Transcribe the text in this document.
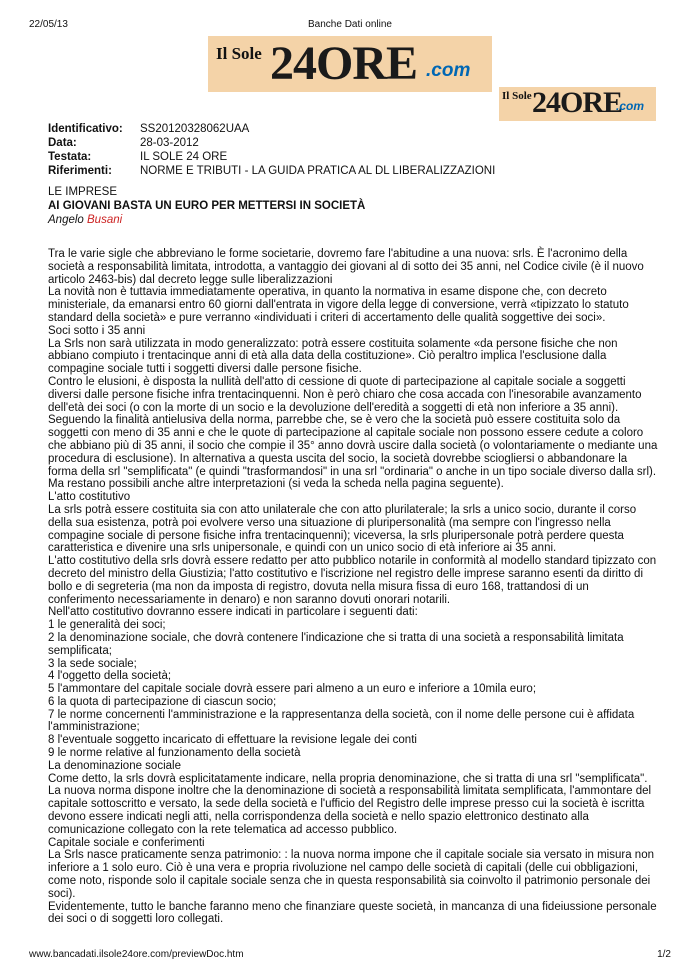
22/05/13	Banche Dati online
Il Sole 24ORE .com
Il Sole 24ORE
.com
Identificativo: SS20120328062UAA
Data:	28-03-2012
Testata:	IL SOLE 24 ORE
Riferimenti: NORME E TRIBUTI - LA GUIDA PRATICA AL DL LIBERALIZZAZIONI
LE IMPRESE
AI GIOVANI BASTA UN EURO PER METTERSI IN SOCIETÀ
Angelo Busani

Tra le varie sigle che abbreviano le forme societarie, dovremo fare l'abitudine a una nuova: srls. È l'acronimo della società a responsabilità limitata, introdotta, a vantaggio dei giovani al di sotto dei 35 anni, nel Codice civile (è il nuovo articolo 2463-bis) dal decreto legge sulle liberalizzazioni

La novità non è tuttavia immediatamente operativa, in quanto la normativa in esame dispone che, con decreto ministeriale, da emanarsi entro 60 giorni dall'entrata in vigore della legge di conversione, verrà «tipizzato lo statuto standard della società» e pure verranno «individuati i criteri di accertamento delle qualità soggettive dei soci».

Soci sotto i 35 anni

La Srls non sarà utilizzata in modo generalizzato: potrà essere costituita solamente «da persone fisiche che non abbiano compiuto i trentacinque anni di età alla data della costituzione». Ciò peraltro implica l'esclusione dalla compagine sociale tutti i soggetti diversi dalle persone fisiche.

Contro le elusioni, è disposta la nullità dell'atto di cessione di quote di partecipazione al capitale sociale a soggetti diversi dalle persone fisiche infra trentacinquenni. Non è però chiaro che cosa accada con l'inesorabile avanzamento dell'età dei soci (o con la morte di un socio e la devoluzione dell'eredità a soggetti di età non inferiore a 35 anni).

Seguendo la finalità antielusiva della norma, parrebbe che, se è vero che la società può essere costituita solo da soggetti con meno di 35 anni e che le quote di partecipazione al capitale sociale non possono essere cedute a coloro che abbiano più di 35 anni, il socio che compie il 35° anno dovrà uscire dalla società (o volontariamente o mediante una procedura di esclusione). In alternativa a questa uscita del socio, la società dovrebbe sciogliersi o abbandonare la forma della srl "semplificata" (e quindi "trasformandosi" in una srl "ordinaria" o anche in un tipo sociale diverso dalla srl). Ma restano possibili anche altre interpretazioni (si veda la scheda nella pagina seguente).

L'atto costitutivo

La srls potrà essere costituita sia con atto unilaterale che con atto plurilaterale; la srls a unico socio, durante il corso della sua esistenza, potrà poi evolvere verso una situazione di pluripersonalità (ma sempre con l'ingresso nella compagine sociale di persone fisiche infra trentacinquenni); viceversa, la srls pluripersonale potrà perdere questa caratteristica e divenire una srls unipersonale, e quindi con un unico socio di età inferiore ai 35 anni.

L'atto costitutivo della srls dovrà essere redatto per atto pubblico notarile in conformità al modello standard tipizzato con decreto del ministro della Giustizia; l'atto costitutivo e l'iscrizione nel registro delle imprese saranno esenti da diritto di bollo e di segreteria (ma non da imposta di registro, dovuta nella misura fissa di euro 168, trattandosi di un conferimento necessariamente in denaro) e non saranno dovuti onorari notarili.

Nell'atto costitutivo dovranno essere indicati in particolare i seguenti dati:

1 le generalità dei soci;

2 la denominazione sociale, che dovrà contenere l'indicazione che si tratta di una società a responsabilità limitata semplificata;

3 la sede sociale;

4 l'oggetto della società;

5 l'ammontare del capitale sociale dovrà essere pari almeno a un euro e inferiore a 10mila euro;

6 la quota di partecipazione di ciascun socio;

7 le norme concernenti l'amministrazione e la rappresentanza della società, con il nome delle persone cui è affidata l'amministrazione;

8 l'eventuale soggetto incaricato di effettuare la revisione legale dei conti

9 le norme relative al funzionamento della società

La denominazione sociale

Come detto, la srls dovrà esplicitatamente indicare, nella propria denominazione, che si tratta di una srl "semplificata".

La nuova norma dispone inoltre che la denominazione di società a responsabilità limitata semplificata, l'ammontare del capitale sottoscritto e versato, la sede della società e l'ufficio del Registro delle imprese presso cui la società è iscritta devono essere indicati negli atti, nella corrispondenza della società e nello spazio elettronico destinato alla comunicazione collegato con la rete telematica ad accesso pubblico.

Capitale sociale e conferimenti

La Srls nasce praticamente senza patrimonio: : la nuova norma impone che il capitale sociale sia versato in misura non inferiore a 1 solo euro. Ciò è una vera e propria rivoluzione nel campo delle società di capitali (delle cui obbligazioni, come noto, risponde solo il capitale sociale senza che in questa responsabilità sia coinvolto il patrimonio personale dei soci).

Evidentemente, tutto le banche faranno meno che finanziare queste società, in mancanza di una fideiussione personale dei soci o di soggetti loro collegati.

www.bancadati.ilsole24ore.com/previewDoc.htm	1/2
